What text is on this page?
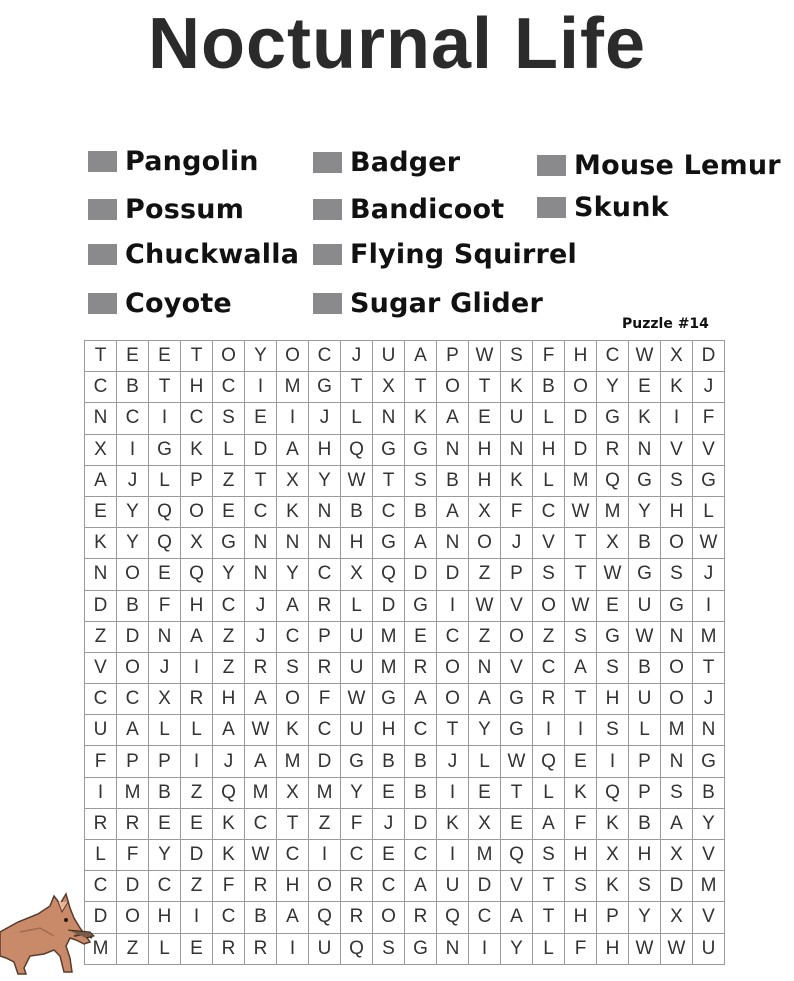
Nocturnal Life
Pangolin
Possum
Chuckwalla
Coyote
Badger
Bandicoot
Flying Squirrel
Sugar Glider
Mouse Lemur
Skunk
Puzzle #14
T	E	E	T	O	Y	O	C	J	U	A	P	W	S	F	H	C	W	X	D
C	B	T	H	C	I	M	G	T	X	T	O	T	K	B	O	Y	E	K	J
N	C	I	C	S	E	I	J	L	N	K	A	E	U	L	D	G	K	I	F
X	I	G	K	L	D	A	H	Q	G	G	N	H	N	H	D	R	N	V	V
A	J	L	P	Z	T	X	Y	W	T	S	B	H	K	L	M	Q	G	S	G
E	Y	Q	O	E	C	K	N	B	C	B	A	X	F	C	W	M	Y	H	L
K	Y	Q	X	G	N	N	N	H	G	A	N	O	J	V	T	X	B	O	W
N	O	E	Q	Y	N	Y	C	X	Q	D	D	Z	P	S	T	W	G	S	J
D	B	F	H	C	J	A	R	L	D	G	I	W	V	O	W	E	U	G	I
Z	D	N	A	Z	J	C	P	U	M	E	C	Z	O	Z	S	G	W	N	M
V	O	J	I	Z	R	S	R	U	M	R	O	N	V	C	A	S	B	O	T
C	C	X	R	H	A	O	F	W	G	A	O	A	G	R	T	H	U	O	J
U	A	L	L	A	W	K	C	U	H	C	T	Y	G	I	I	S	L	M	N
F	P	P	I	J	A	M	D	G	B	B	J	L	W	Q	E	I	P	N	G
I	M	B	Z	Q	M	X	M	Y	E	B	I	E	T	L	K	Q	P	S	B
R	R	E	E	K	C	T	Z	F	J	D	K	X	E	A	F	K	B	A	Y
L	F	Y	D	K	W	C	I	C	E	C	I	M	Q	S	H	X	H	X	V
C	D	C	Z	F	R	H	O	R	C	A	U	D	V	T	S	K	S	D	M
D	O	H	I	C	B	A	Q	R	O	R	Q	C	A	T	H	P	Y	X	V
M	Z	L	E	R	R	I	U	Q	S	G	N	I	Y	L	F	H	W	W	U
